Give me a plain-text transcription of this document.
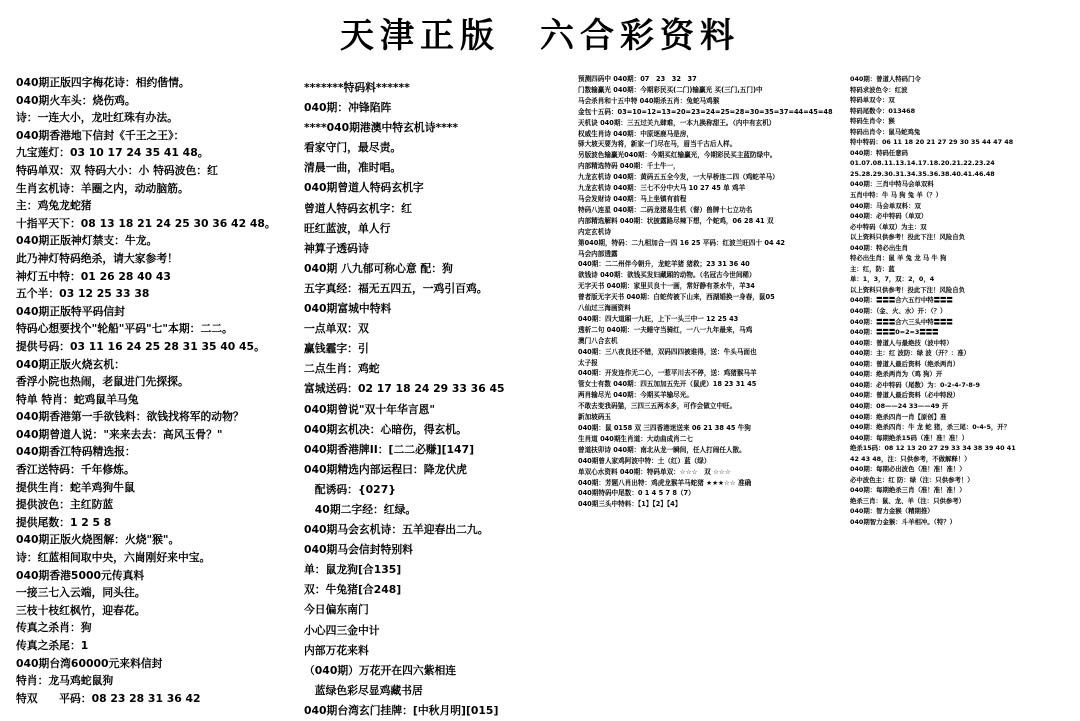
天津正版　六合彩资料
040期正版四字梅花诗：相约偕情。
040期火车头：烧伤鸡。
诗：一连大小，龙吐红珠有办法。
040期香港地下信封《千王之王》：
九宝莲灯：03 10 17 24 35 41 48。
特码单双：双 特码大小：小 特码波色：红
生肖玄机诗：羊圈之内，动动脑筋。
主：鸡兔龙蛇猪
十指平天下：08 13 18 21 24 25 30 36 42 48。
040期正版神灯禁支：牛龙。
此乃神灯特码绝杀，请大家参考！
神灯五中特：01 26 28 40 43
五个半：03 12 25 33 38
040期正版特平码信封
特码心想要找个"轮船"平码"七"本期：二二。
提供号码：03 11 16 24 25 28 31 35 40 45。
040期正版火烧玄机：
香浮小院也热闹，老鼠进门先探探。
特单 特肖：蛇鸡鼠羊马兔
040期香港第一手欲钱料：欲钱找将军的动物？
040期曾道人说："来来去去：高风玉骨？"
040期香江特码精选报：
香江送特码：千年修炼。
提供生肖：蛇羊鸡狗牛鼠
提供波色：主红防蓝
提供尾数：1 2 5 8
040期正版火烧图解：火烧"猴"。
诗：红蓝相间取中央，六崗刚好来中宝。
040期香港5000元传真料
一接三七入云端，同头往。
三枝十枝红枫竹，迎春花。
传真之杀肖：狗
传真之杀尾：1
040期台湾60000元来料信封
特肖：龙马鸡蛇鼠狗
特双　　平码：08 23 28 31 36 42
*******特码料******
040期：冲锋陷阵
****040期港澳中特玄机诗****
看家守门，最尽责。
清晨一曲，准时唱。
040期曾道人特码玄机字
曾道人特码玄机字：红
旺红蓝波，单人行
神算子透码诗
040期 八九郁可称心意 配：狗
五字真经：福无五四五，一鸡引百鸡。
040期富城中特料
一点单双：双
赢钱霾字：引
二点生肖：鸡蛇
富城送码：02 17 18 24 29 33 36 45
040期曾说"双十年华言恩"
040期玄机决：心暗伤，得玄机。
040期香港牌II：[二二必赚][147]
040期精选内部运程曰：降龙伏虎
　配诱码：{027}
　40期二字经：红绿。
040期马会玄机诗：五羊迎春出二九。
040期马会信封特别料
单：鼠龙狗[合135]
双：牛兔猪[合248]
今日偏东南门
小心四三金中计
内部万花来料
（040期）万花开在四六紫相连
　蓝绿色彩尽显鸡藏书居
040期台湾玄门挂牌：[中秋月明][015]
预测四码中 040期：07　23　32　37
门数输赢光 040期：今期彩民买(二门)输赢光 买(三门,五门)中
马会杀肖和十五中特 040期杀五肖：兔蛇马鸡猴
金包十五码：03=10=12=13=20=23=24=25=28=30=35=37=44=45=48
天机诀 040期：三五过关九肆难，一本九换称甜王。（内中有玄机）
权威生肖诗 040期：中原逐鹿马是房，
驿大坡天要为将，新家一门尽在马，眉当千古后人样。
另版波色输赢光040期：今期买红输赢光，今期彩民买主蓝防绿中。
内部精选特码 040期：千土牛一，
九龙玄机诗 040期：黄码五五全今发，一大早桥连二四（鸡蛇羊马）
九龙玄机诗 040期：三七不分中大马 10 27 45 单 鸡羊
马会发财诗 040期：马上坐镇有前程
特码八连星 040期：二码龙猪易生机（督）兽牌十七立功名
内部精选解料 040期：状披露路尽辣下想，个蛇鸡，06 28 41 双
内定玄机诗
第040期，特码：二九相加合一四 16 25 平码：红波兰旺四十 04 42
马会内部透露
040期：二二州伴今朝升，龙蛇羊猪 猪救；23 31 36 40
欲钱诗 040期：欲钱买发妇藏厢的动物。（名冠古今世间稀）
无字天书 040期：家里贝良十一画，常好静有茶水牛，羊34
曾者版无字天书 040期：白蛇传被下山来，西湖婚换一身春，鼠05
八仙过三海画资料
040期：四大道厢一九旺，上下一头三中一 12 25 43
透析二句 040期：一夫睡守当骑红，一八一九年最来，马鸡
澳门八合玄机
040期：三八夜良还不错，双码四四被谁得，送：牛头马面也
太子报
040期：开发连作无二心，一惹平川去不停，送：鸡猪猴马羊
管女士有数 040期：四五加加五先开（鼠虎）18 23 31 45
两肖输尽光 040期：今期买羊输尽光。
不敢去变我码猫，三四三五两本多，可作会做立中旺。
新加坡码玉
040期：鼠 0158 双 三四香港迷送来 06 21 38 45 牛狗
生肖道 040期生肖道：大动曲成肖二七
曾道扶卯诗 040期：南北从龙一瞬间，任人打闹任人散。
040期曾人家鸡阿波中特：土（红）蓝（绿）
单双心水资料 040期：特码单双：☆☆☆　双 ☆☆☆
040期：芳题八肖出特：鸡虎龙猴羊马蛇猪 ★★★☆☆ 准确
040期特码中尾数：0 1 4 5 7 8（7）
040期三头中特料：【1】【2】【4】
040期：曾道人特码门令
特码求波色令：红波
特码单双令：双
特码尾数令：013468
特码生肖令：猴
特码出肖令：鼠马蛇鸡兔
特中特码：06 11 18 20 21 27 29 30 35 44 47 48
040期：特码任意码
01.07.08.11.13.14.17.18.20.21.22.23.24
25.28.29.30.31.34.35.36.38.40.41.46.48
040期：三肖中特马会单双料
五肖中特：牛 马 狗 兔 羊（？）
040期：马会单双料：双
040期：必中特码（单双）
必中特码（单双）为主：双
以上资料只供参考！投此下注！风险自负
040期：特必出生肖
特必出生肖：鼠 羊 兔 龙 马 牛 狗
主：红，防：蓝
单：1，3，7，双：2，0，4
以上资料只供参考！投此下注！风险自负
040期：〓〓〓合六五行中特〓〓〓
040期：（金、火、水）开：（？）
040期：〓〓〓合六三头中特〓〓〓
040期：〓〓〓0=2=3〓〓〓
040期：曾道人与最绝技（波中特）
040期：主：红 波防：绿 波（开？：准）
040期：曾道人最后资料（绝杀两肖）
040期：绝杀两肖为（鸡 狗）开
040期：必中特码（尾数）为：0-2-4-7-8-9
040期：曾道人最后资料（必中特段）
040期：08——24 33——49 开
040期：绝杀四肖一肖【原创】准
040期：绝杀四肖：牛 龙 蛇 猪，杀三尾：0-4-5，开？
040期：每期绝杀15码（准！准！准！）
绝杀15码：08 12 13 20 27 29 33 34 38 39 40 41
42 43 48，注：只供参考，不做解释！）
040期：每期必出波色（准！准！准！）
必中波色主：红 防：绿（注：只供参考！）
040期：每期绝杀三肖（准！准！准！）
绝杀三肖：鼠、龙、羊（注：只供参考）
040期：智力金猴（精期推）
040期智力金猴：斗羊相冲。（特？）
